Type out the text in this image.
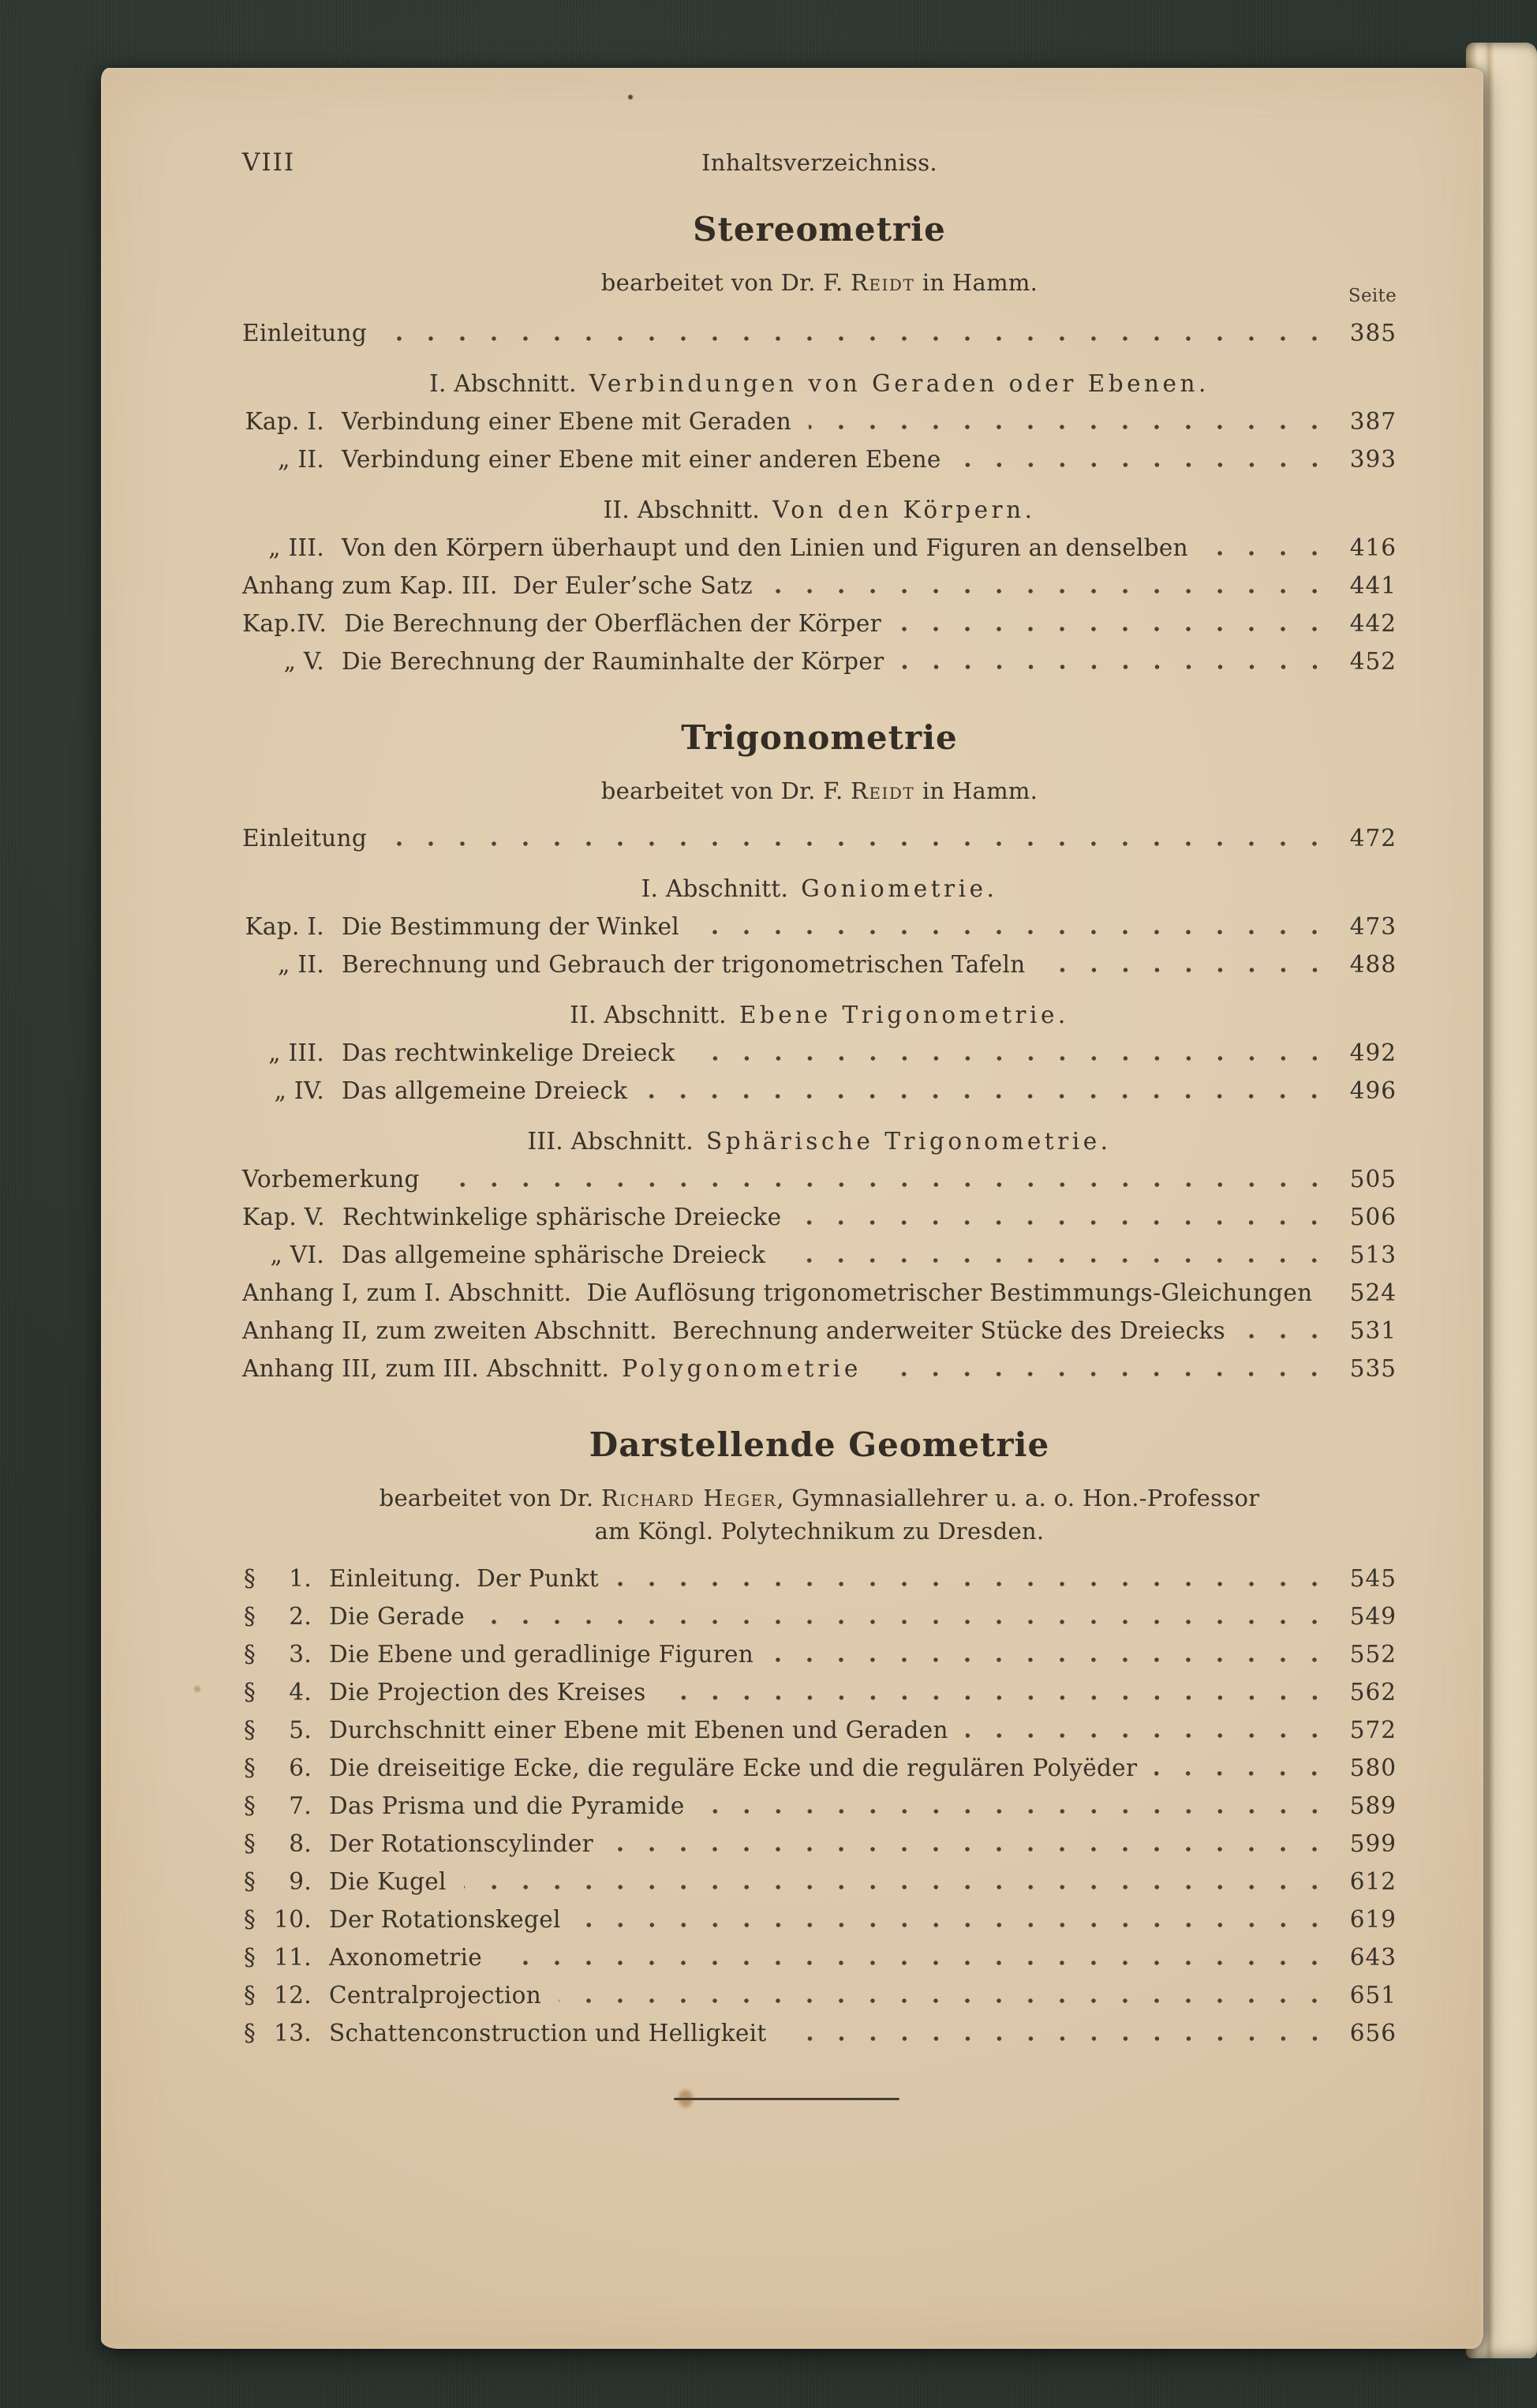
VIII	Inhaltsverzeichniss.
Stereometrie

bearbeitet von Dr. F. Reidt in Hamm.	Seite
Einleitung	385
I. Abschnitt. Verbindungen von Geraden oder Ebenen.
Kap. I. Verbindung einer Ebene mit Geraden	387
„ II. Verbindung einer Ebene mit einer anderen Ebene	393
II. Abschnitt. Von den Körpern.
„ III. Von den Körpern überhaupt und den Linien und Figuren an denselben	416
Anhang zum Kap. III.  Der Euler’sche Satz	441
Kap.IV. Die Berechnung der Oberflächen der Körper	442
„ V. Die Berechnung der Rauminhalte der Körper	452
Trigonometrie

bearbeitet von Dr. F. Reidt in Hamm.

Einleitung	472
I. Abschnitt. Goniometrie.
Kap. I. Die Bestimmung der Winkel	473
„ II. Berechnung und Gebrauch der trigonometrischen Tafeln	488
II. Abschnitt. Ebene Trigonometrie.
„ III. Das rechtwinkelige Dreieck	492
„ IV. Das allgemeine Dreieck	496
III. Abschnitt. Sphärische Trigonometrie.
Vorbemerkung	505
Kap. V. Rechtwinkelige sphärische Dreiecke	506
„ VI. Das allgemeine sphärische Dreieck	513
Anhang I, zum I. Abschnitt.  Die Auflösung trigonometrischer Bestimmungs-Gleichungen	524
Anhang II, zum zweiten Abschnitt.  Berechnung anderweiter Stücke des Dreiecks	531
Anhang III, zum III. Abschnitt. Polygonometrie	535
Darstellende Geometrie

bearbeitet von Dr. Richard Heger, Gymnasiallehrer u. a. o. Hon.-Professor

am Köngl. Polytechnikum zu Dresden.

§ 1. Einleitung.  Der Punkt	545
§ 2. Die Gerade	549
§ 3. Die Ebene und geradlinige Figuren	552
§ 4. Die Projection des Kreises	562
§ 5. Durchschnitt einer Ebene mit Ebenen und Geraden	572
§ 6. Die dreiseitige Ecke, die reguläre Ecke und die regulären Polyëder	580
§ 7. Das Prisma und die Pyramide	589
§ 8. Der Rotationscylinder	599
§ 9. Die Kugel	612
§ 10. Der Rotationskegel	619
§ 11. Axonometrie	643
§ 12. Centralprojection	651
§ 13. Schattenconstruction und Helligkeit	656
